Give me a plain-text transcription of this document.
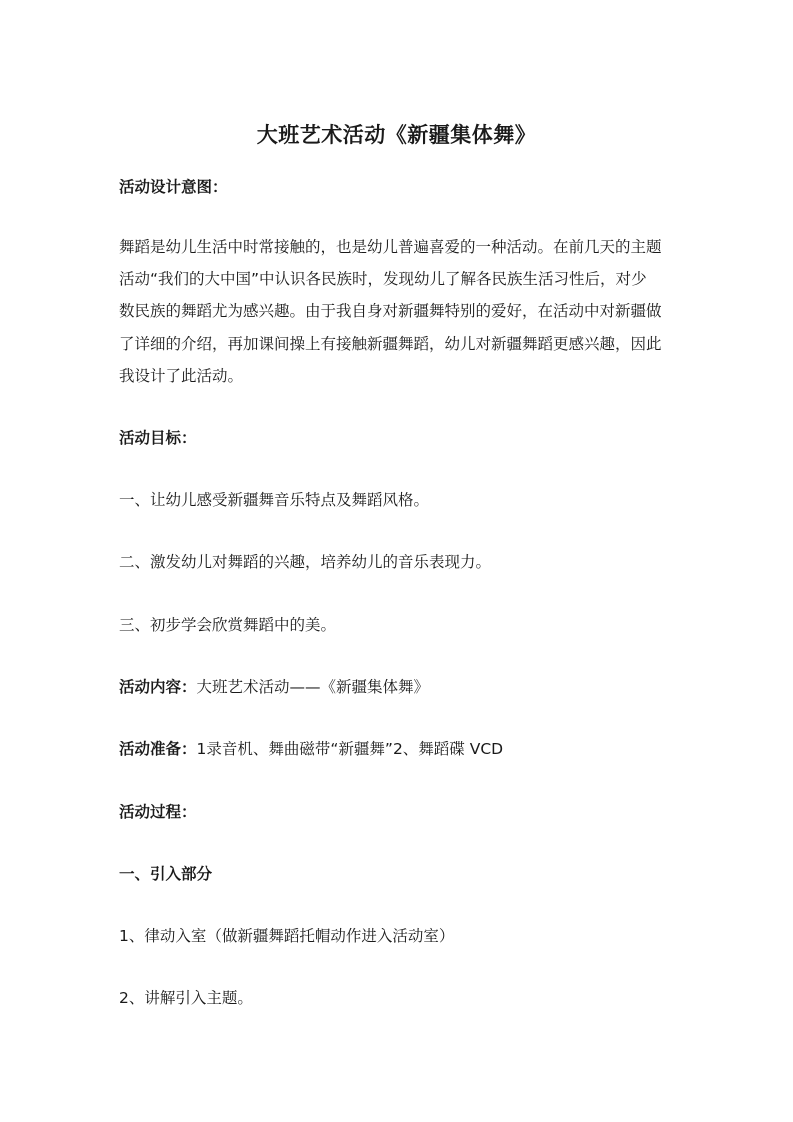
大班艺术活动《新疆集体舞》
活动设计意图：
舞蹈是幼儿生活中时常接触的，也是幼儿普遍喜爱的一种活动。在前几天的主题
活动“我们的大中国”中认识各民族时，发现幼儿了解各民族生活习性后，对少
数民族的舞蹈尤为感兴趣。由于我自身对新疆舞特别的爱好，在活动中对新疆做
了详细的介绍，再加课间操上有接触新疆舞蹈，幼儿对新疆舞蹈更感兴趣，因此
我设计了此活动。
活动目标：
一、让幼儿感受新疆舞音乐特点及舞蹈风格。
二、激发幼儿对舞蹈的兴趣，培养幼儿的音乐表现力。
三、初步学会欣赏舞蹈中的美。
活动内容：大班艺术活动——《新疆集体舞》
活动准备：1录音机、舞曲磁带“新疆舞”2、舞蹈碟 VCD
活动过程：
一、引入部分
1、律动入室（做新疆舞蹈托帽动作进入活动室）
2、讲解引入主题。
